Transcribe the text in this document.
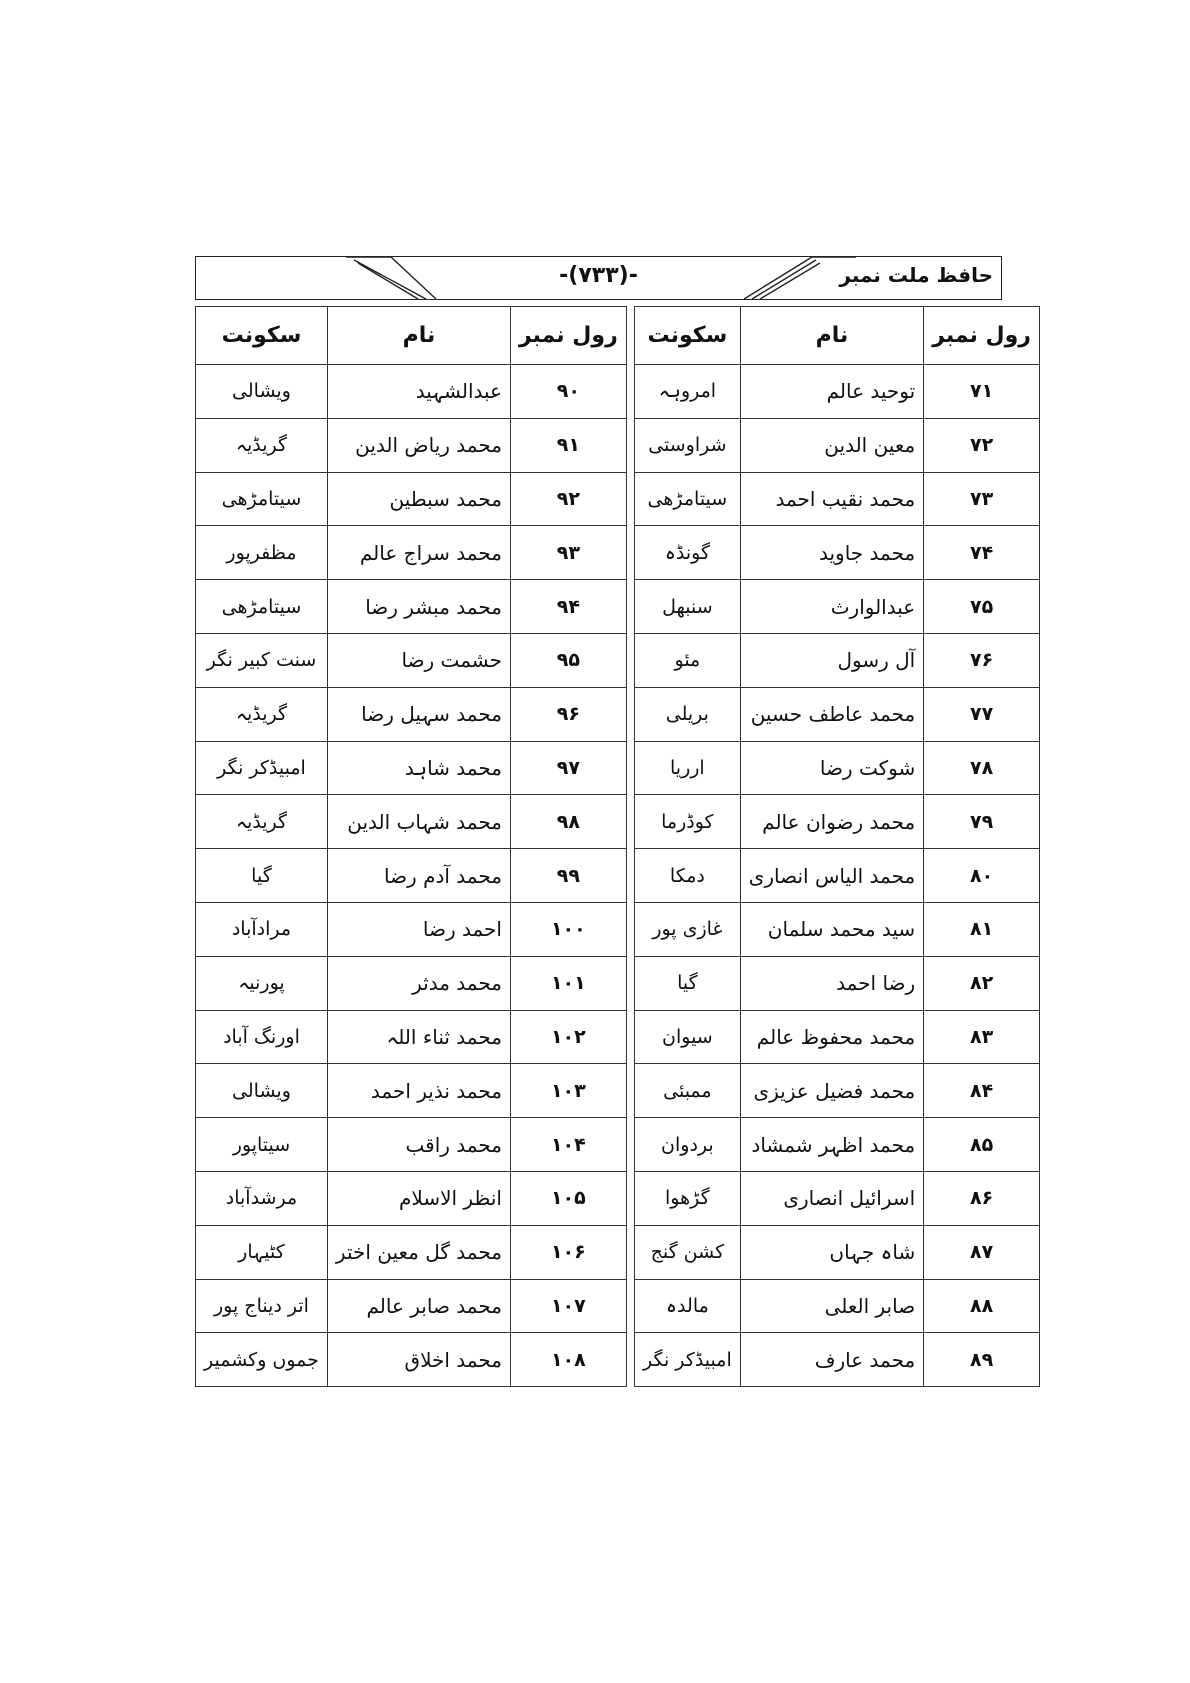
حافظ ملت نمبر
-(۷۳۳)-
رول نمبر	نام	سکونت
۷۱	توحید عالم	امروہہ
۷۲	معین الدین	شراوستی
۷۳	محمد نقیب احمد	سیتامڑھی
۷۴	محمد جاوید	گونڈہ
۷۵	عبدالوارث	سنبھل
۷۶	آل رسول	مئو
۷۷	محمد عاطف حسین	بریلی
۷۸	شوکت رضا	ارریا
۷۹	محمد رضوان عالم	کوڈرما
۸۰	محمد الیاس انصاری	دمکا
۸۱	سید محمد سلمان	غازی پور
۸۲	رضا احمد	گیا
۸۳	محمد محفوظ عالم	سیوان
۸۴	محمد فضیل عزیزی	ممبئی
۸۵	محمد اظہر شمشاد	بردوان
۸۶	اسرائیل انصاری	گڑھوا
۸۷	شاہ جہاں	کشن گنج
۸۸	صابر العلی	مالدہ
۸۹	محمد عارف	امبیڈکر نگر
رول نمبر	نام	سکونت
۹۰	عبدالشہید	ویشالی
۹۱	محمد ریاض الدین	گریڈیہ
۹۲	محمد سبطین	سیتامڑھی
۹۳	محمد سراج عالم	مظفرپور
۹۴	محمد مبشر رضا	سیتامڑھی
۹۵	حشمت رضا	سنت کبیر نگر
۹۶	محمد سہیل رضا	گریڈیہ
۹۷	محمد شاہد	امبیڈکر نگر
۹۸	محمد شہاب الدین	گریڈیہ
۹۹	محمد آدم رضا	گیا
۱۰۰	احمد رضا	مرادآباد
۱۰۱	محمد مدثر	پورنیہ
۱۰۲	محمد ثناء اللہ	اورنگ آباد
۱۰۳	محمد نذیر احمد	ویشالی
۱۰۴	محمد راقب	سیتاپور
۱۰۵	انظر الاسلام	مرشدآباد
۱۰۶	محمد گل معین اختر	کٹیہار
۱۰۷	محمد صابر عالم	اتر دیناج پور
۱۰۸	محمد اخلاق	جموں وکشمیر
